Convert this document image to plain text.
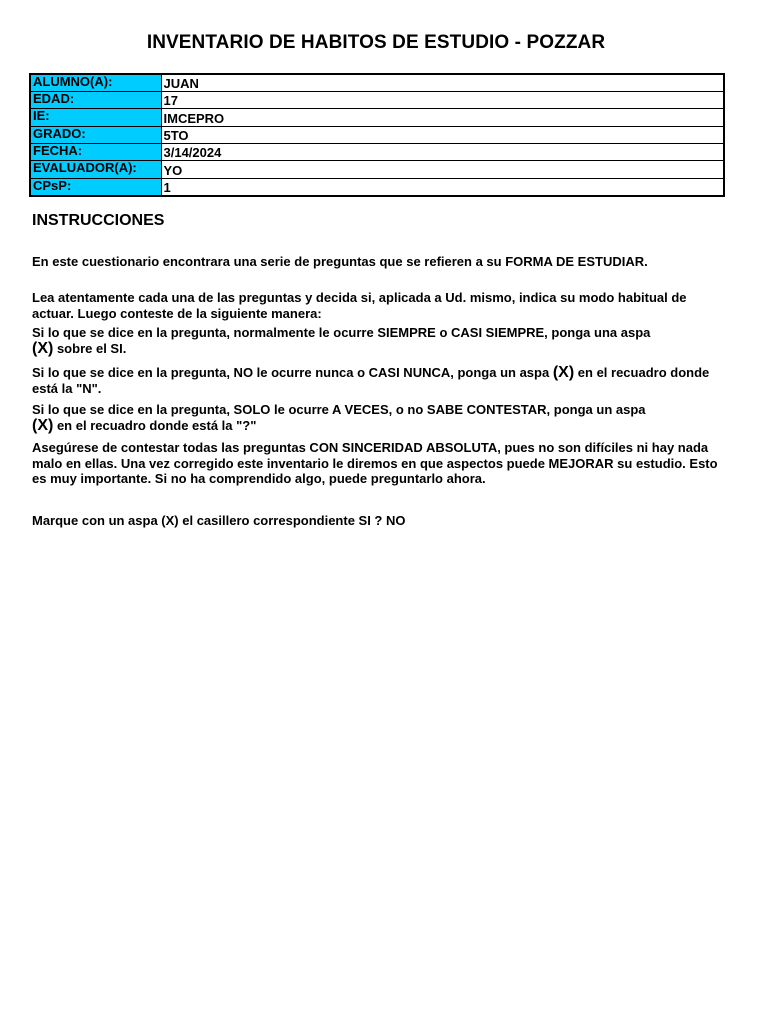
INVENTARIO DE HABITOS DE ESTUDIO - POZZAR
ALUMNO(A):	JUAN
EDAD:	17
IE:	IMCEPRO
GRADO:	5TO
FECHA:	3/14/2024
EVALUADOR(A):	YO
CPsP:	1
INSTRUCCIONES
En este cuestionario encontrara una serie de preguntas que se refieren a su FORMA DE ESTUDIAR.
Lea atentamente cada una de las preguntas y decida si, aplicada a Ud. mismo, indica su modo habitual de actuar. Luego conteste de la siguiente manera:
Si lo que se dice en la pregunta, normalmente le ocurre SIEMPRE o CASI SIEMPRE, ponga una aspa
(X) sobre el SI.
Si lo que se dice en la pregunta, NO le ocurre nunca o CASI NUNCA, ponga un aspa (X) en el recuadro donde está la "N".
Si lo que se dice en la pregunta, SOLO le ocurre A VECES, o no SABE CONTESTAR, ponga un aspa
(X) en el recuadro donde está la "?"
Asegúrese de contestar todas las preguntas CON SINCERIDAD ABSOLUTA, pues no son difíciles ni hay nada malo en ellas. Una vez corregido este inventario le diremos en que aspectos puede MEJORAR su estudio. Esto es muy importante. Si no ha comprendido algo, puede preguntarlo ahora.
Marque con un aspa (X) el casillero correspondiente SI ? NO
